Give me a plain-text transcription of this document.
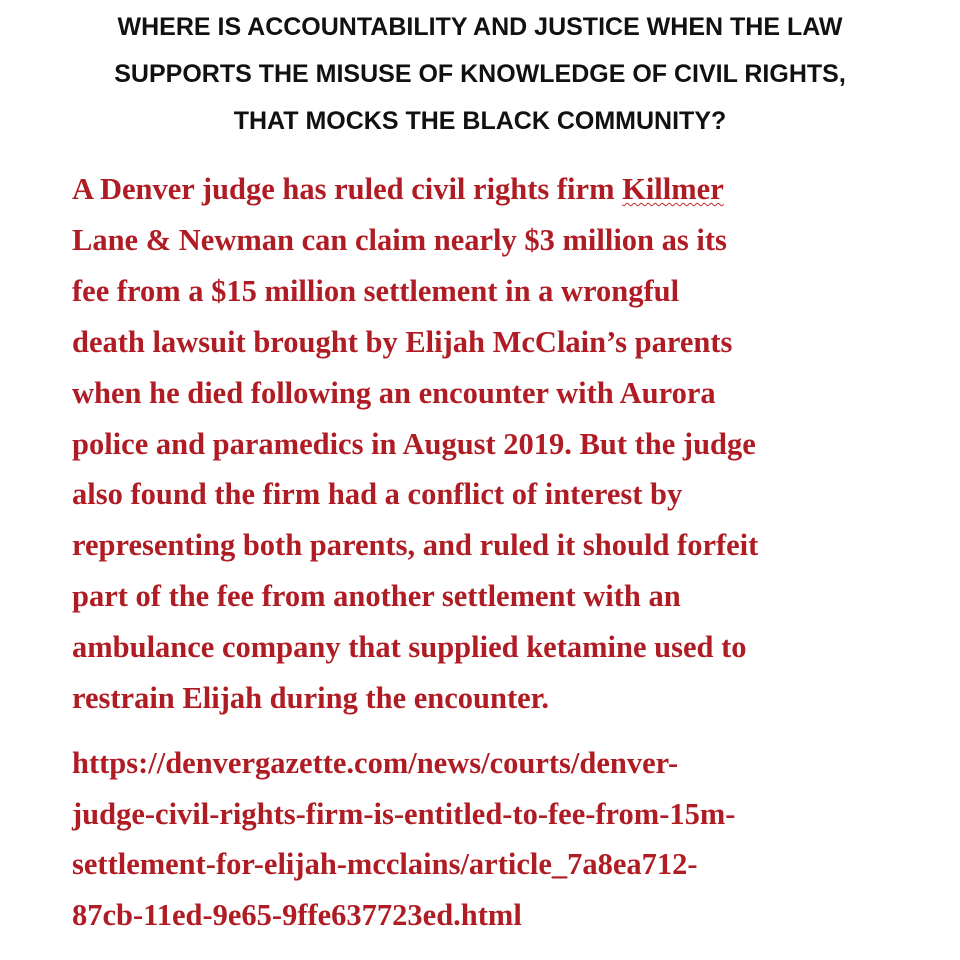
WHERE IS ACCOUNTABILITY AND JUSTICE WHEN THE LAW
SUPPORTS THE MISUSE OF KNOWLEDGE OF CIVIL RIGHTS,
THAT MOCKS THE BLACK COMMUNITY?
A Denver judge has ruled civil rights firm Killmer
Lane & Newman can claim nearly $3 million as its
fee from a $15 million settlement in a wrongful
death lawsuit brought by Elijah McClain’s parents
when he died following an encounter with Aurora
police and paramedics in August 2019. But the judge
also found the firm had a conflict of interest by
representing both parents, and ruled it should forfeit
part of the fee from another settlement with an
ambulance company that supplied ketamine used to
restrain Elijah during the encounter.
https://denvergazette.com/news/courts/denver-
judge-civil-rights-firm-is-entitled-to-fee-from-15m-
settlement-for-elijah-mcclains/article_7a8ea712-
87cb-11ed-9e65-9ffe637723ed.html
